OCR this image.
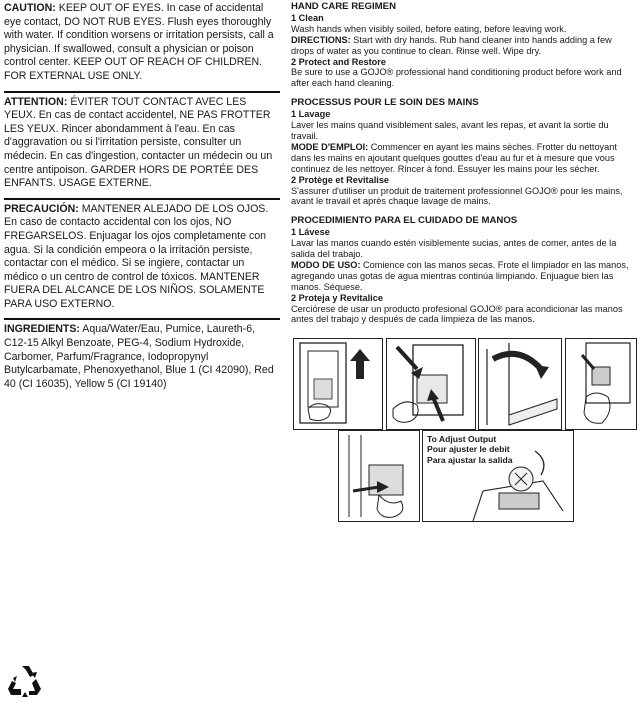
CAUTION: KEEP OUT OF EYES. In case of accidental eye contact, DO NOT RUB EYES. Flush eyes thoroughly with water. If condition worsens or irritation persists, call a physician. If swallowed, consult a physician or poison control center. KEEP OUT OF REACH OF CHILDREN. FOR EXTERNAL USE ONLY.
ATTENTION: ÉVITER TOUT CONTACT AVEC LES YEUX. En cas de contact accidentel, NE PAS FROTTER LES YEUX. Rincer abondamment à l'eau. En cas d'aggravation ou si l'irritation persiste, consulter un médecin. En cas d'ingestion, contacter un médecin ou un centre antipoison. GARDER HORS DE PORTÉE DES ENFANTS. USAGE EXTERNE.
PRECAUCIÓN: MANTENER ALEJADO DE LOS OJOS. En caso de contacto accidental con los ojos, NO FREGARSELOS. Enjuagar los ojos completamente con agua. Si la condición empeora o la irritación persiste, contactar con el médico. Si se ingiere, contactar un médico o un centro de control de tóxicos. MANTENER FUERA DEL ALCANCE DE LOS NIÑOS. SOLAMENTE PARA USO EXTERNO.
INGREDIENTS: Aqua/Water/Eau, Pumice, Laureth-6, C12-15 Alkyl Benzoate, PEG-4, Sodium Hydroxide, Carbomer, Parfum/Fragrance, Iodopropynyl Butylcarbamate, Phenoxyethanol, Blue 1 (CI 42090), Red 40 (CI 16035), Yellow 5 (CI 19140)
HAND CARE REGIMEN
1 Clean
Wash hands when visibly soiled, before eating, before leaving work.
DIRECTIONS: Start with dry hands. Rub hand cleaner into hands adding a few drops of water as you continue to clean. Rinse well. Wipe dry.
2 Protect and Restore
Be sure to use a GOJO® professional hand conditioning product before work and after each hand cleaning.
PROCESSUS POUR LE SOIN DES MAINS
1 Lavage
Laver les mains quand visiblement sales, avant les repas, et avant la sortie du travail.
MODE D'EMPLOI: Commencer en ayant les mains sèches. Frotter du nettoyant dans les mains en ajoutant quelques gouttes d'eau au fur et à mesure que vous continuez de les nettoyer. Rincer à fond. Essuyer les mains pour les sécher.
2 Protège et Revitalise
S'assurer d'utiliser un produit de traitement professionnel GOJO® pour les mains, avant le travail et après chaque lavage de mains.
PROCEDIMIENTO PARA EL CUIDADO DE MANOS
1 Lávese
Lavar las manos cuando estén visiblemente sucias, antes de comer, antes de la salida del trabajo.
MODO DE USO: Comience con las manos secas. Frote el limpiador en las manos, agregando unas gotas de agua mientras continúa limpiando. Enjuague bien las manos. Séquese.
2 Proteja y Revitalice
Cerciórese de usar un producto profesional GOJO® para acondicionar las manos antes del trabajo y después de cada limpieza de las manos.
To Adjust Output
Pour ajuster le debit
Para ajustar la salida
